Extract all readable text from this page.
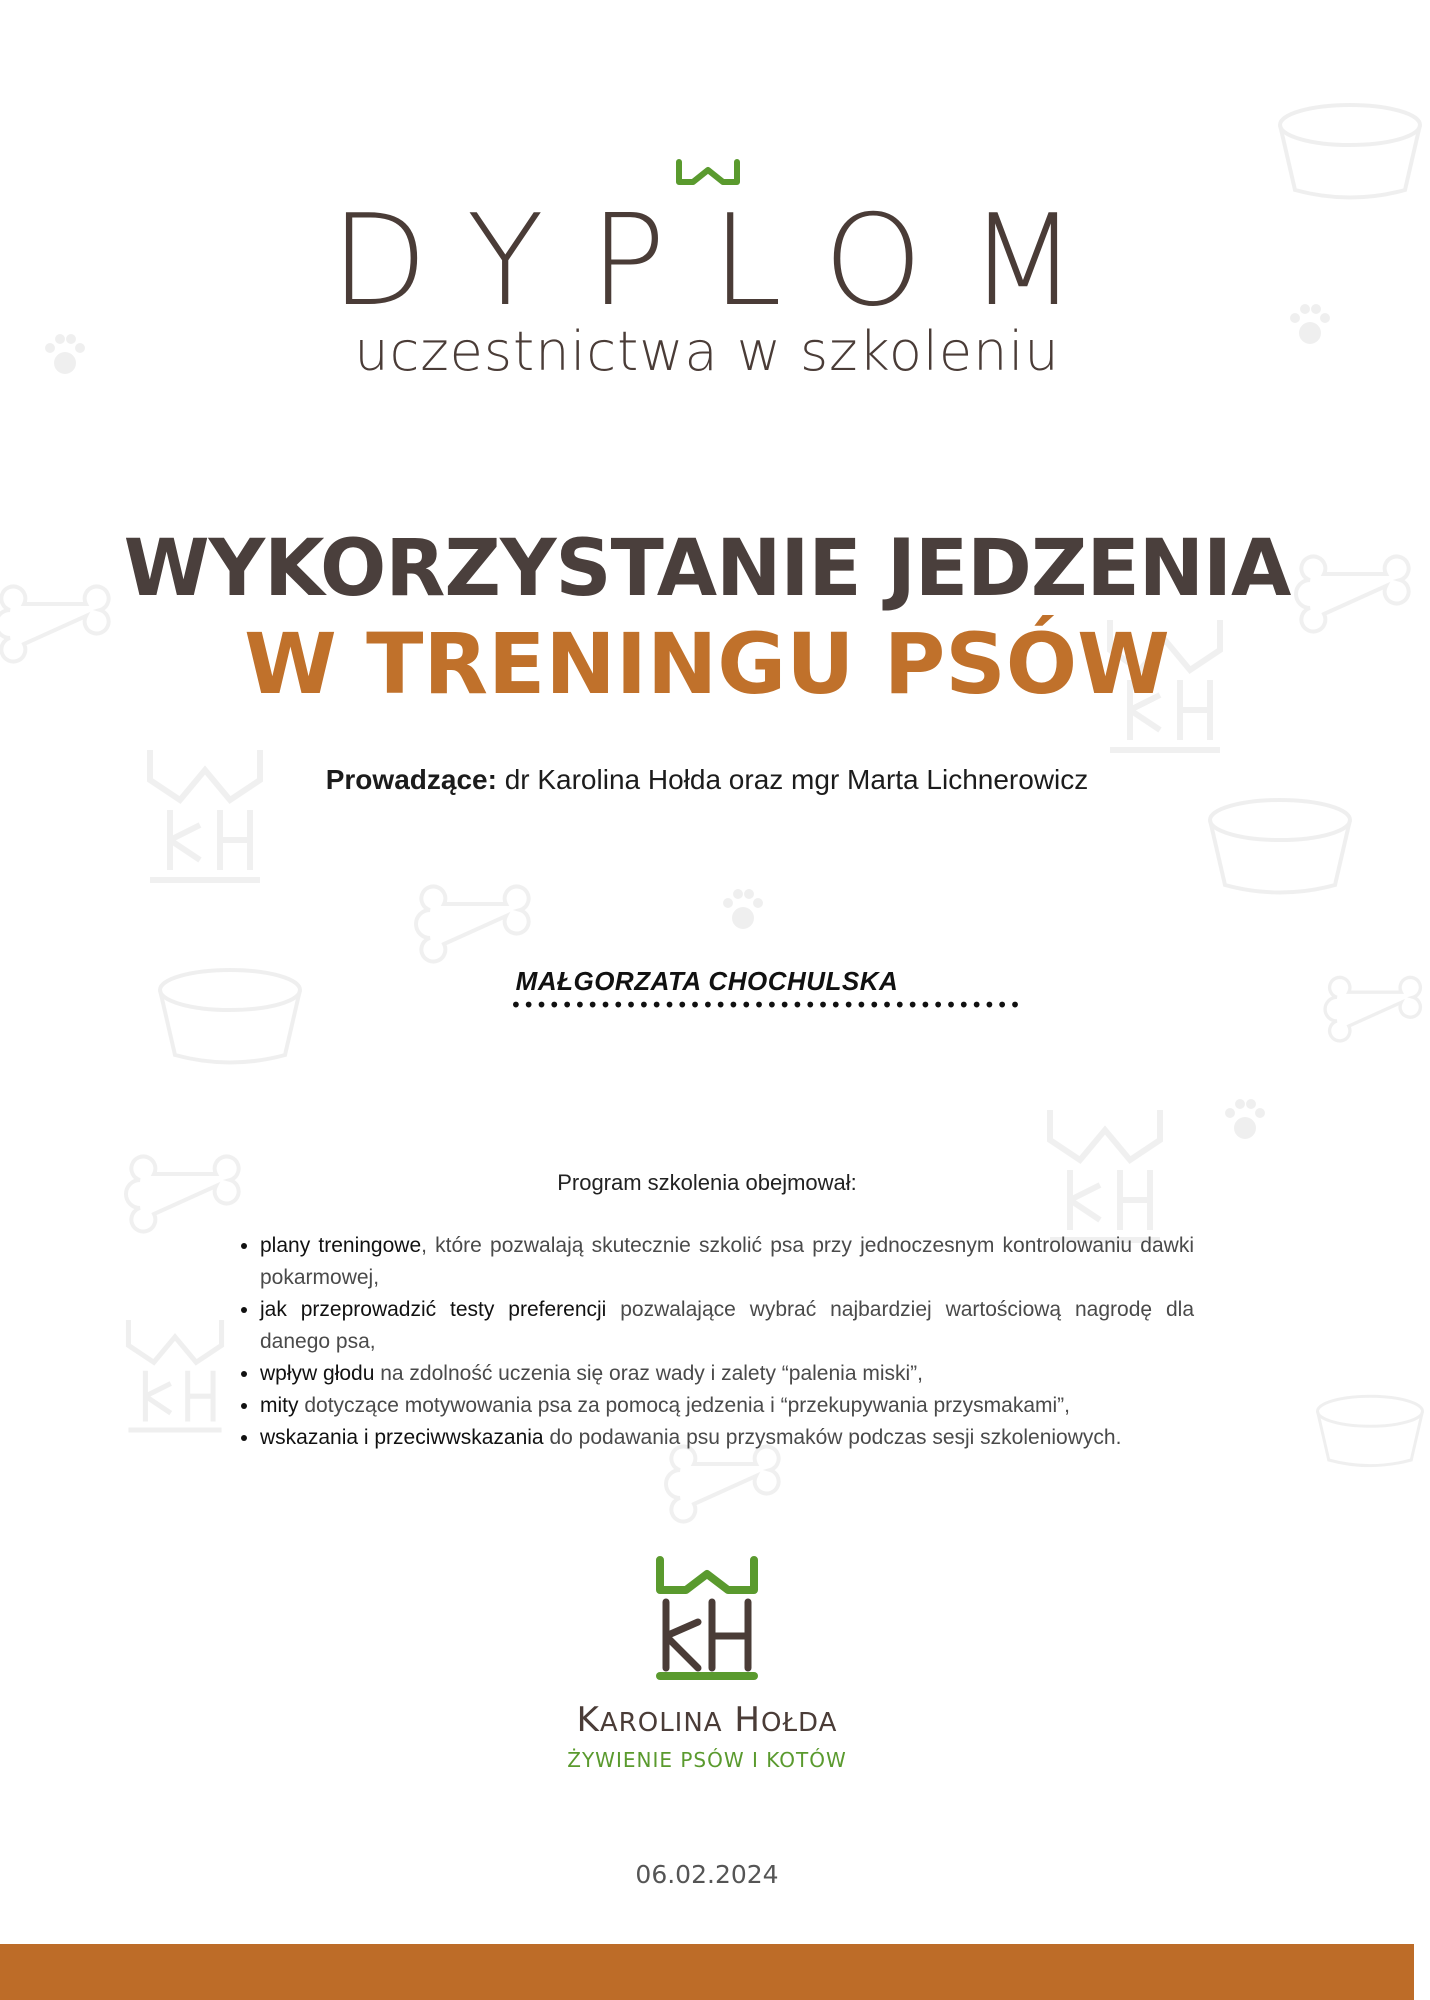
DYPLOM
uczestnictwa w szkoleniu
WYKORZYSTANIE JEDZENIA
W TRENINGU PSÓW
Prowadzące: dr Karolina Hołda oraz mgr Marta Lichnerowicz
MAŁGORZATA CHOCHULSKA
••••••••••••••••••••••••••••••••••••••••
Program szkolenia obejmował:
• plany treningowe, które pozwalają skutecznie szkolić psa przy jednoczesnym kontrolowaniu dawki pokarmowej,
• jak przeprowadzić testy preferencji pozwalające wybrać najbardziej wartościową nagrodę dla danego psa,
• wpływ głodu na zdolność uczenia się oraz wady i zalety “palenia miski”,
• mity dotyczące motywowania psa za pomocą jedzenia i “przekupywania przysmakami”,
• wskazania i przeciwwskazania do podawania psu przysmaków podczas sesji szkoleniowych.
KAROLINA HOŁDA
ŻYWIENIE PSÓW I KOTÓW
06.02.2024
